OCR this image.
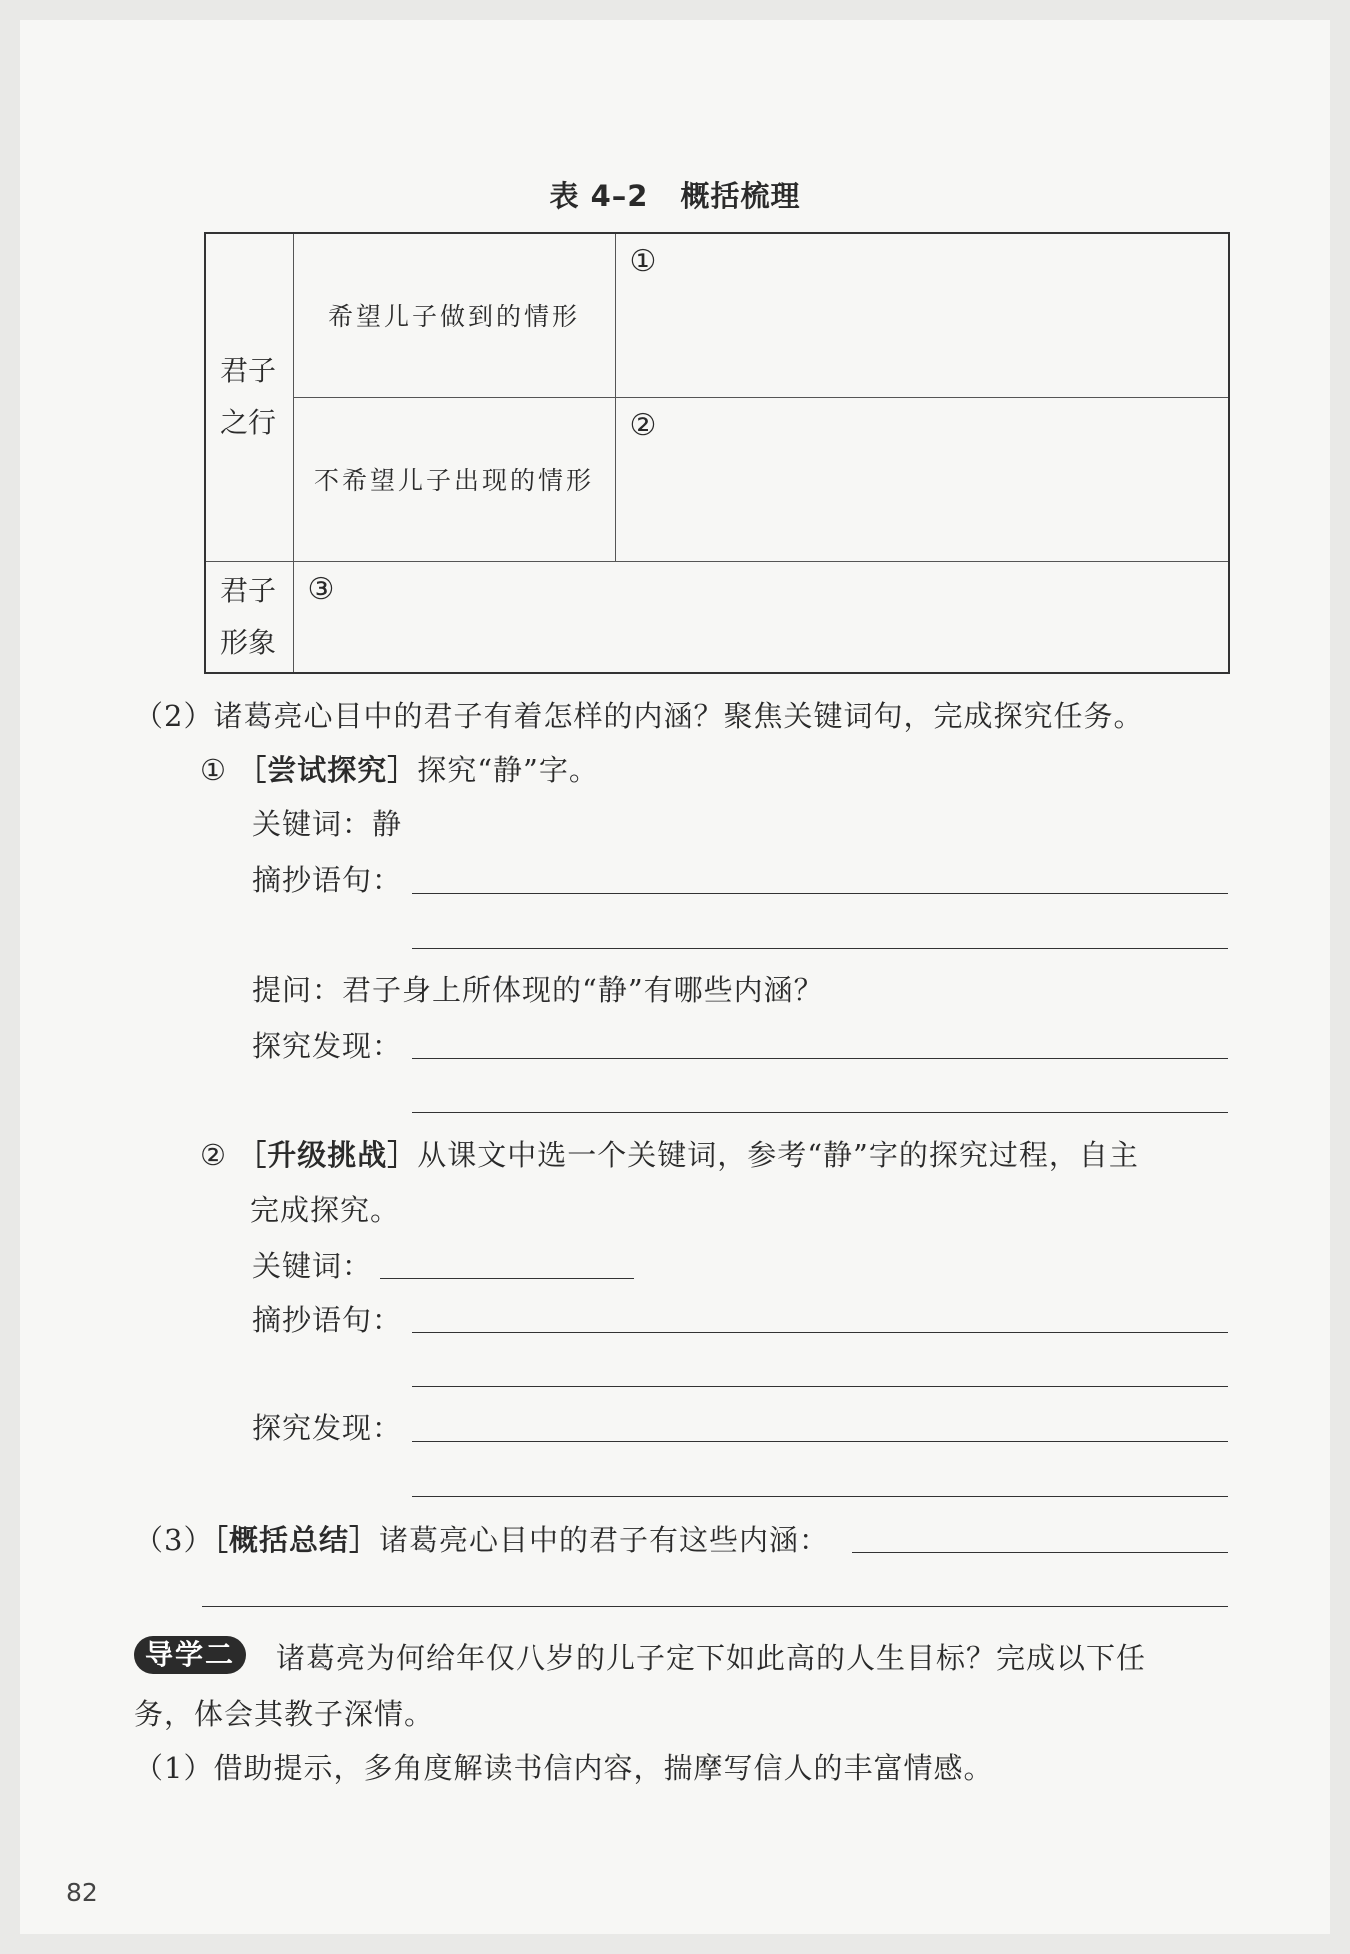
表 4–2 概括梳理
君子
之行	希望儿子做到的情形	①
	不希望儿子出现的情形	②
君子
形象	③	
（2）诸葛亮心目中的君子有着怎样的内涵？聚焦关键词句，完成探究任务。
① ［尝试探究］探究“静”字。
关键词：静
摘抄语句：
提问：君子身上所体现的“静”有哪些内涵？
探究发现：
② ［升级挑战］从课文中选一个关键词，参考“静”字的探究过程，自主
完成探究。
关键词：
摘抄语句：
探究发现：
（3）［概括总结］诸葛亮心目中的君子有这些内涵：
导学二	诸葛亮为何给年仅八岁的儿子定下如此高的人生目标？完成以下任
务，体会其教子深情。
（1）借助提示，多角度解读书信内容，揣摩写信人的丰富情感。
82
